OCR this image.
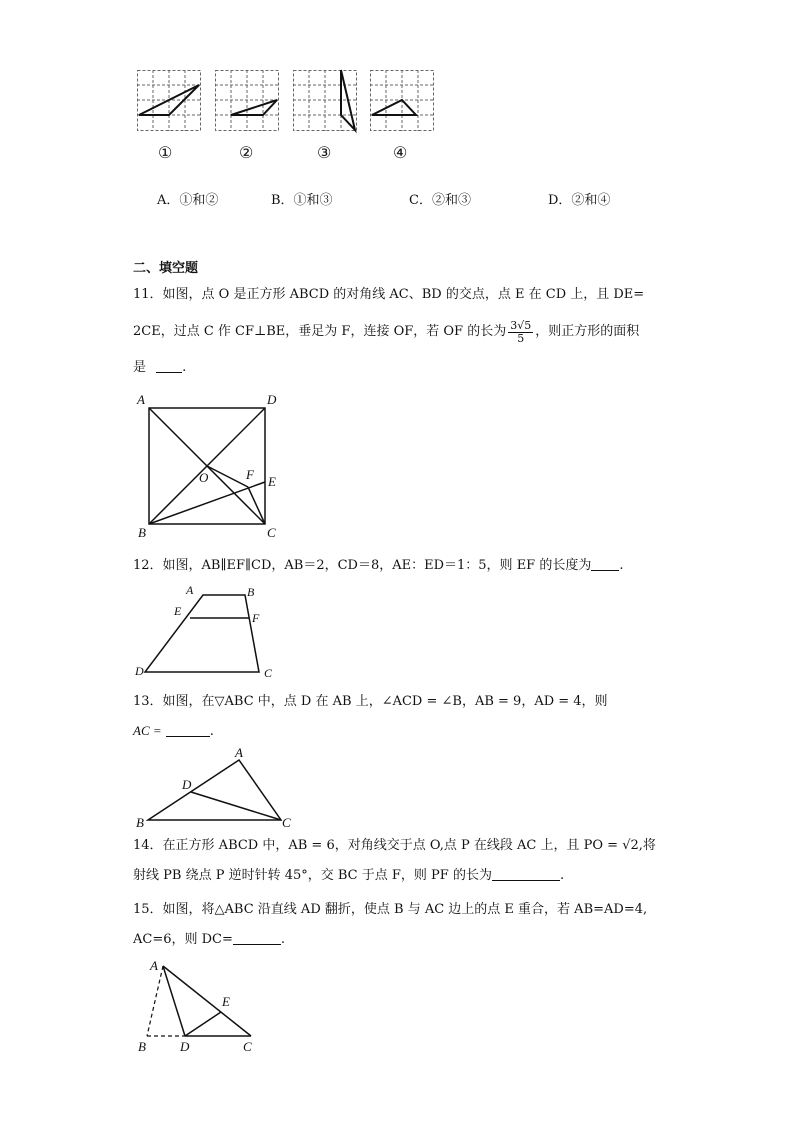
①	②	③	④
A．①和②	B．①和③	C．②和③	D．②和④
二、填空题
11．如图，点 O 是正方形 ABCD 的对角线 AC、BD 的交点，点 E 在 CD 上，且 DE=
2CE，过点 C 作 CF⊥BE，垂足为 F，连接 OF，若 OF 的长为 $\frac{3√5}{5}$ ，则正方形的面积
是	.
A	D
O	F E
B	C
12．如图，AB∥EF∥CD，AB＝2，CD＝8，AE：ED＝1：5，则 EF 的长度为 .
A	B
E	F
D	C
13．如图，在▽ABC 中，点 D 在 AB 上，∠ACD = ∠B，AB = 9，AD = 4，则
AC =	.
A
D
B	C
14．在正方形 ABCD 中，AB = 6，对角线交于点 O,点 P 在线段 AC 上，且 PO = √2,将
射线 PB 绕点 P 逆时针转 45°，交 BC 于点 F，则 PF 的长为	.
15．如图，将△ABC 沿直线 AD 翻折，使点 B 与 AC 边上的点 E 重合，若 AB=AD=4,
AC=6，则 DC=	.
A
E
B	D	C
